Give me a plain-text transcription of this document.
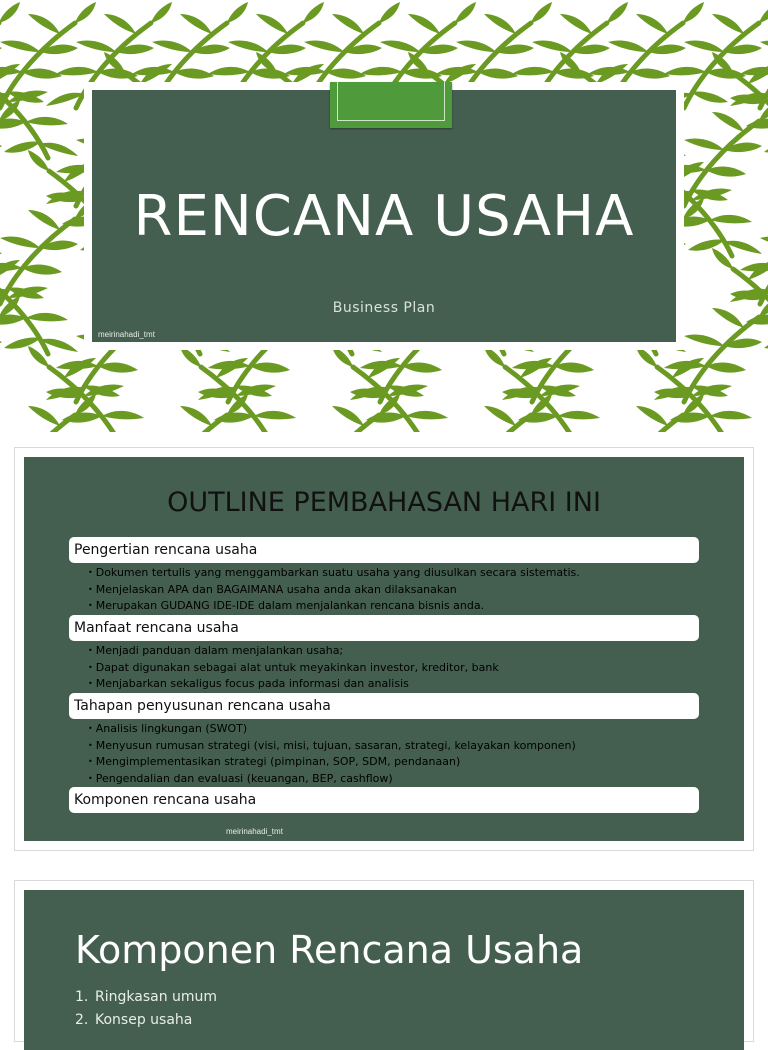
RENCANA USAHA
Business Plan
meirinahadi_tmt
OUTLINE PEMBAHASAN HARI INI
Pengertian rencana usaha
• Dokumen tertulis yang menggambarkan suatu usaha yang diusulkan secara sistematis.
• Menjelaskan APA dan BAGAIMANA usaha anda akan dilaksanakan
• Merupakan GUDANG IDE-IDE dalam menjalankan rencana bisnis anda.
Manfaat rencana usaha
• Menjadi panduan dalam menjalankan usaha;
• Dapat digunakan sebagai alat untuk meyakinkan investor, kreditor, bank
• Menjabarkan sekaligus focus pada informasi dan analisis
Tahapan penyusunan rencana usaha
• Analisis lingkungan (SWOT)
• Menyusun rumusan strategi (visi, misi, tujuan, sasaran, strategi, kelayakan komponen)
• Mengimplementasikan strategi (pimpinan, SOP, SDM, pendanaan)
• Pengendalian dan evaluasi (keuangan, BEP, cashflow)
Komponen rencana usaha
meirinahadi_tmt
Komponen Rencana Usaha
1. Ringkasan umum
2. Konsep usaha
